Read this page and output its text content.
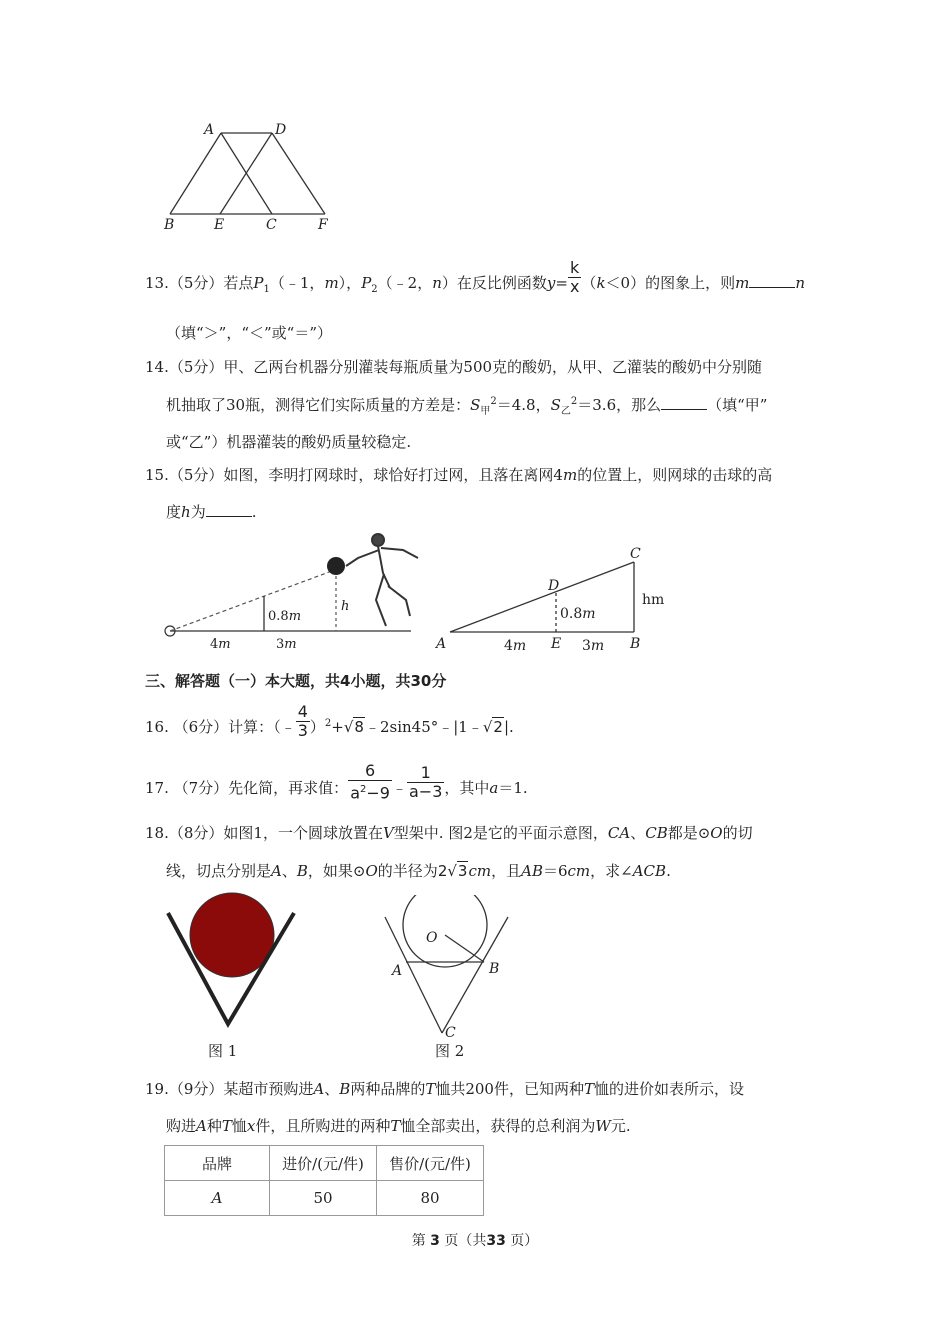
A	D
B	E	C	F
13.（5分）若点$P_1(﹣1$，m），$P_2(﹣2$，n）在反比例函数$y= \frac{k}{x} (k<0)$的图象上，则m	n
（填“＞”，“＜”或“＝”）
14.（5分）甲、乙两台机器分别灌装每瓶质量为500克的酸奶，从甲、乙灌装的酸奶中分别随
机抽取了30瓶，测得它们实际质量的方差是：$S_甲^2=4.8$，$S_乙^2=3.6$，那么	（填“甲”
或“乙”）机器灌装的酸奶质量较稳定.
15.（5分）如图，李明打网球时，球恰好打过网，且落在离网4m的位置上，则网球的击球的高
度h为	.
0.8m
h
4m	3m
C
D
A	E	B
0.8m
hm
4m	3m
三、解答题（一）本大题，共4小题，共30分
16. （6分）计算：（﹣ $\frac{4}{3}$ ）$^2$+√8﹣2sin45°﹣|1﹣√2|.
17. （7分）先化简，再求值： $\frac{6}{a^2-9}$ ﹣ $\frac{1}{a-3}$ ，其中a＝1.
18.（8分）如图1，一个圆球放置在V型架中. 图2是它的平面示意图，CA、CB都是⊙O的切
线，切点分别是A、B，如果⊙O的半径为2√3cm，且AB＝6cm，求∠ACB.
图 1
O
A	B
C
图 2
19.（9分）某超市预购进A、B两种品牌的T恤共200件，已知两种T恤的进价如表所示，设
购进A种T恤x件，且所购进的两种T恤全部卖出，获得的总利润为W元.
品牌	进价/(元/件)	售价/(元/件)
A	50	80
第 3 页（共33 页）
